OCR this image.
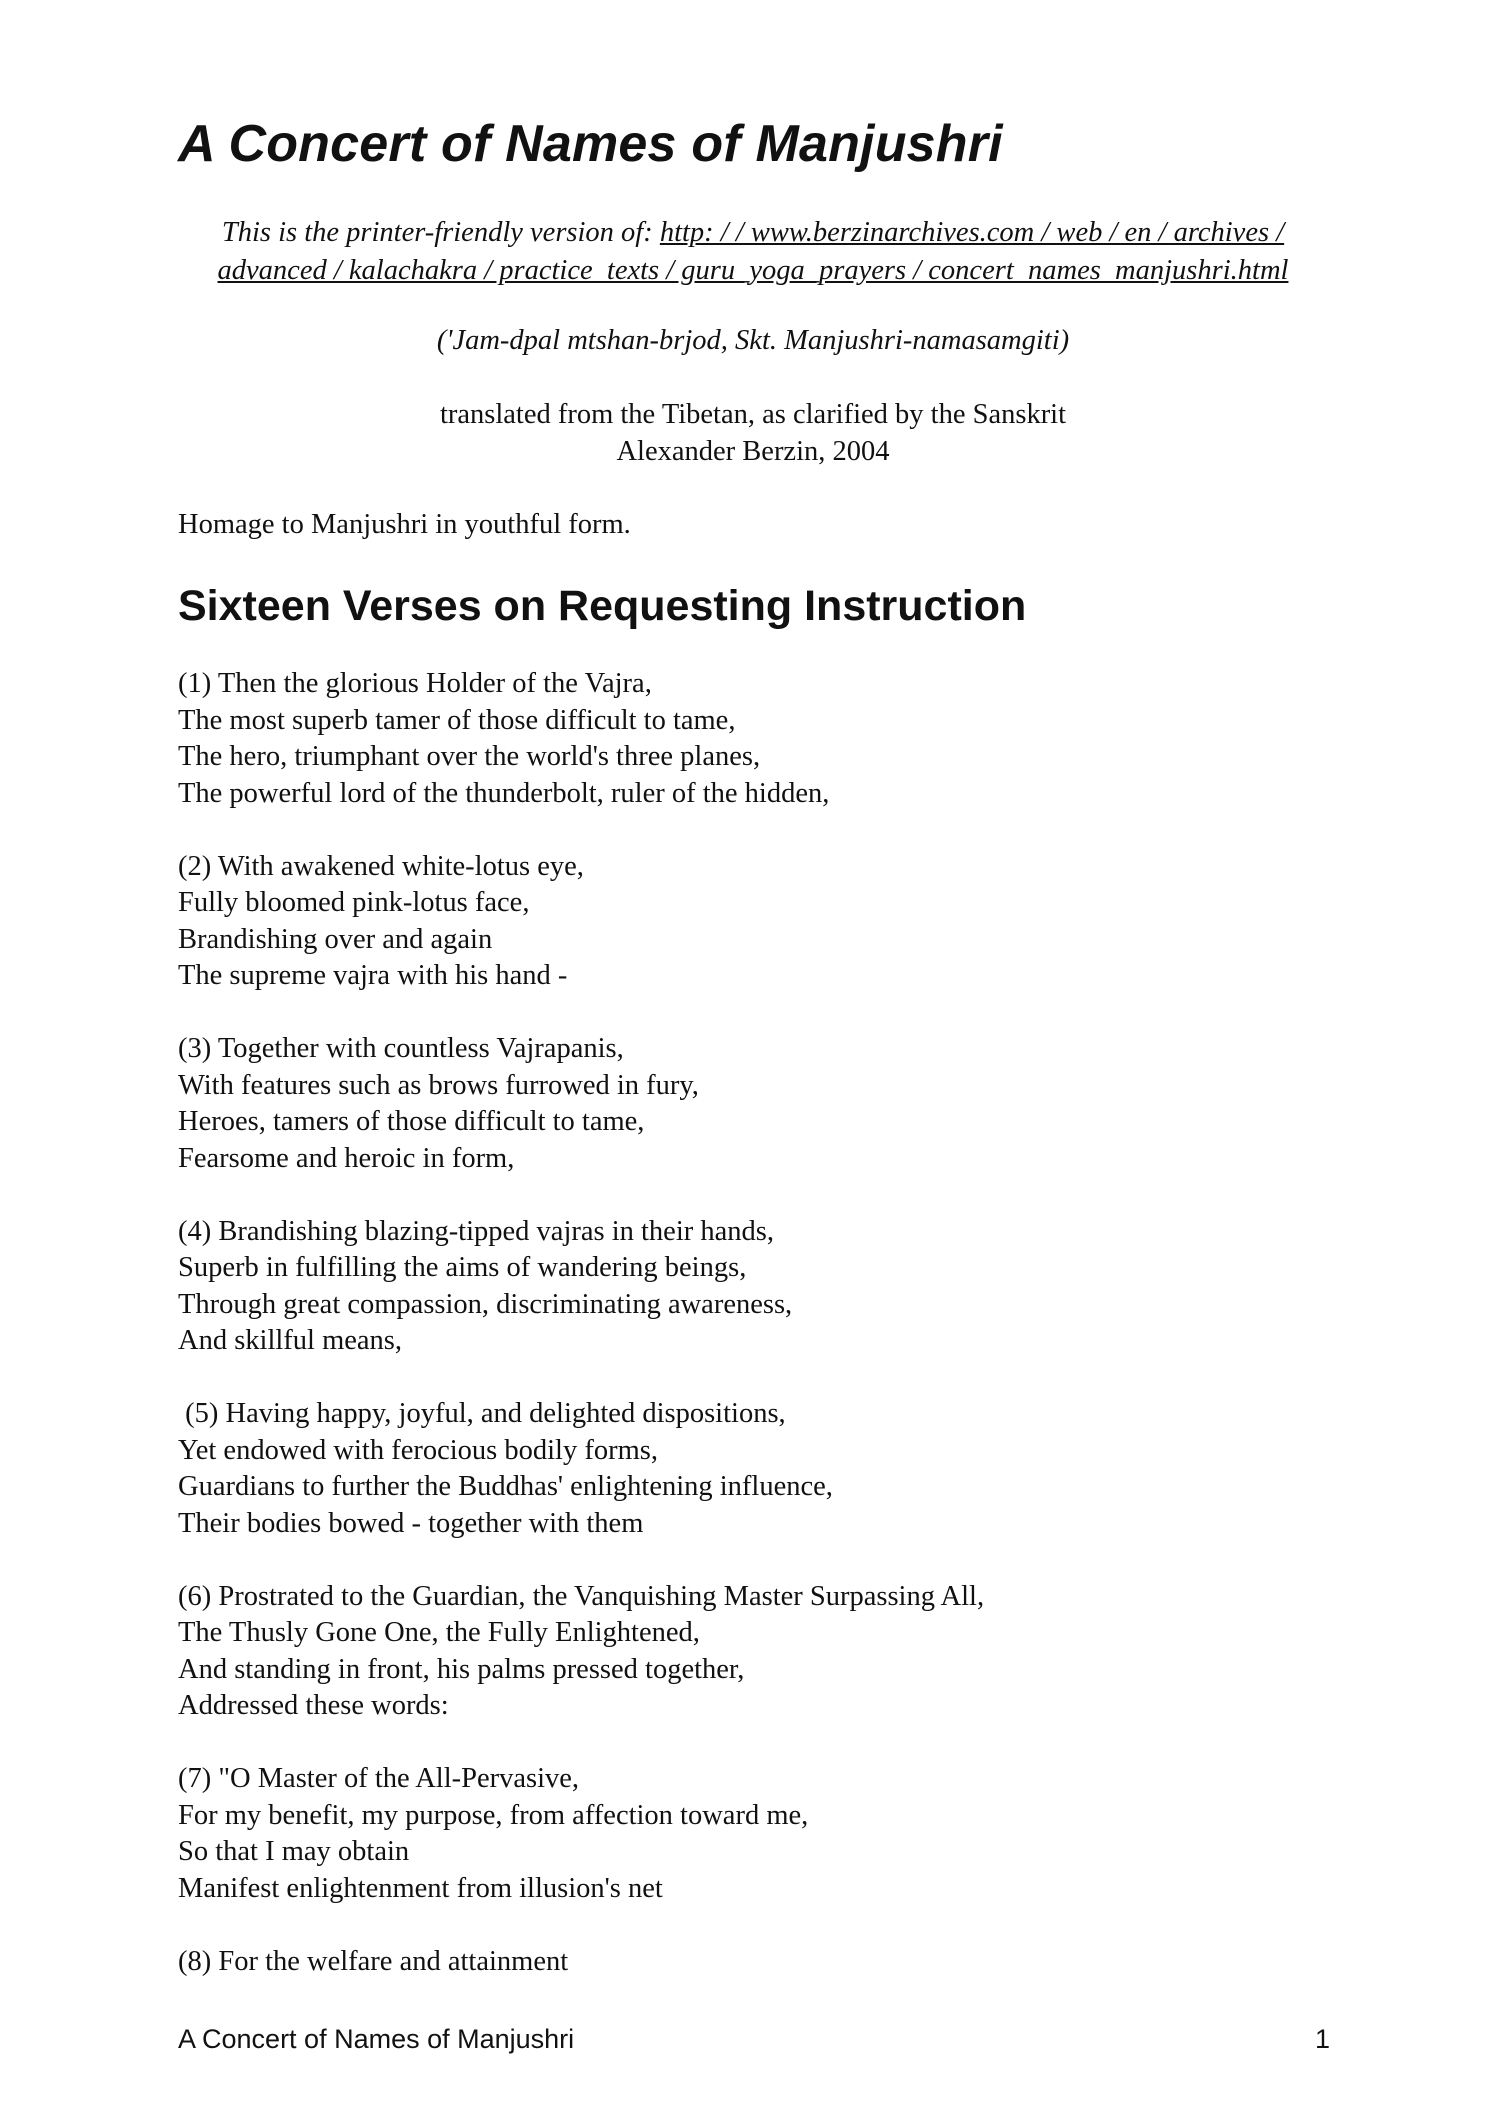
A Concert of Names of Manjushri
This is the printer-friendly version of: http: / / www.berzinarchives.com / web / en / archives /
advanced / kalachakra / practice_texts / guru_yoga_prayers / concert_names_manjushri.html
('Jam-dpal mtshan-brjod, Skt. Manjushri-namasamgiti)
translated from the Tibetan, as clarified by the Sanskrit
Alexander Berzin, 2004
Homage to Manjushri in youthful form.
Sixteen Verses on Requesting Instruction
(1) Then the glorious Holder of the Vajra,
The most superb tamer of those difficult to tame,
The hero, triumphant over the world's three planes,
The powerful lord of the thunderbolt, ruler of the hidden,
(2) With awakened white-lotus eye,
Fully bloomed pink-lotus face,
Brandishing over and again
The supreme vajra with his hand -
(3) Together with countless Vajrapanis,
With features such as brows furrowed in fury,
Heroes, tamers of those difficult to tame,
Fearsome and heroic in form,
(4) Brandishing blazing-tipped vajras in their hands,
Superb in fulfilling the aims of wandering beings,
Through great compassion, discriminating awareness,
And skillful means,
(5) Having happy, joyful, and delighted dispositions,
Yet endowed with ferocious bodily forms,
Guardians to further the Buddhas' enlightening influence,
Their bodies bowed - together with them
(6) Prostrated to the Guardian, the Vanquishing Master Surpassing All,
The Thusly Gone One, the Fully Enlightened,
And standing in front, his palms pressed together,
Addressed these words:
(7) "O Master of the All-Pervasive,
For my benefit, my purpose, from affection toward me,
So that I may obtain
Manifest enlightenment from illusion's net
(8) For the welfare and attainment
A Concert of Names of Manjushri	1
